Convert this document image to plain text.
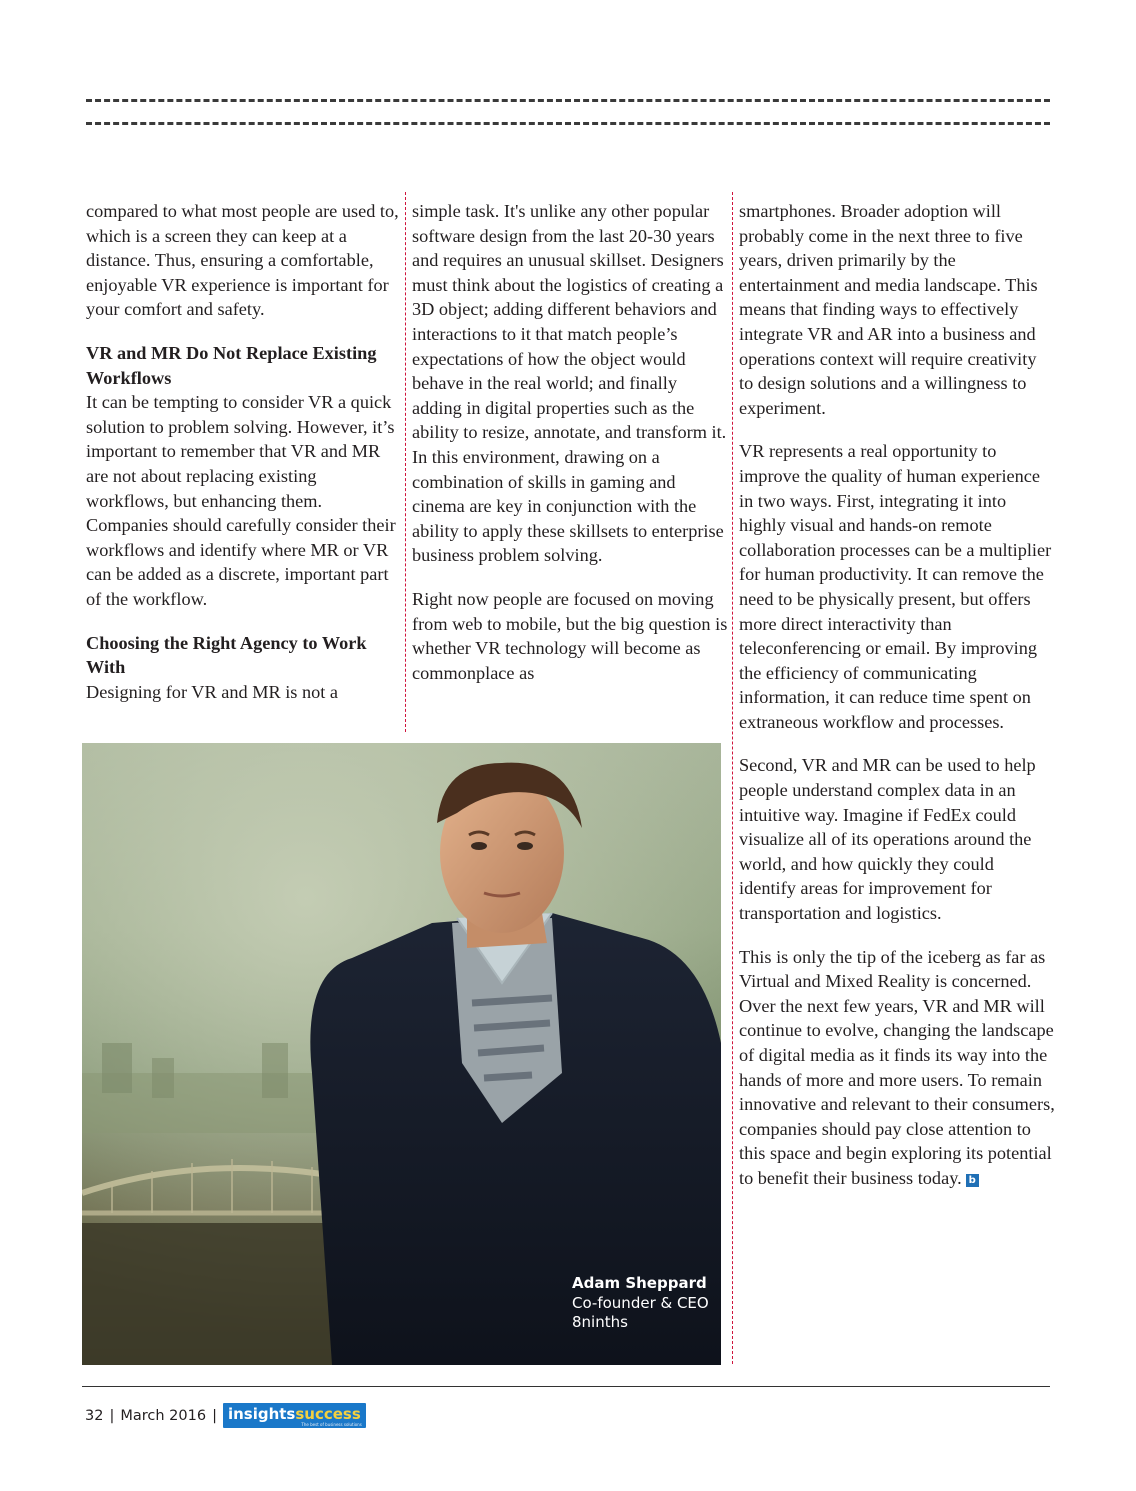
compared to what most people are used to, which is a screen they can keep at a distance. Thus, ensuring a comfortable, enjoyable VR experience is important for your comfort and safety.

VR and MR Do Not Replace Existing Workflows

It can be tempting to consider VR a quick solution to problem solving. However, it’s important to remember that VR and MR are not about replacing existing workflows, but enhancing them. Companies should carefully consider their workflows and identify where MR or VR can be added as a discrete, important part of the workflow.

Choosing the Right Agency to Work With

Designing for VR and MR is not a

simple task. It's unlike any other popular software design from the last 20-30 years and requires an unusual skillset. Designers must think about the logistics of creating a 3D object; adding different behaviors and interactions to it that match people’s expectations of how the object would behave in the real world; and finally adding in digital properties such as the ability to resize, annotate, and transform it. In this environment, drawing on a combination of skills in gaming and cinema are key in conjunction with the ability to apply these skillsets to enterprise business problem solving.

Right now people are focused on moving from web to mobile, but the big question is whether VR technology will become as commonplace as

smartphones. Broader adoption will probably come in the next three to five years, driven primarily by the entertainment and media landscape. This means that finding ways to effectively integrate VR and AR into a business and operations context will require creativity to design solutions and a willingness to experiment.

VR represents a real opportunity to improve the quality of human experience in two ways. First, integrating it into highly visual and hands-on remote collaboration processes can be a multiplier for human productivity. It can remove the need to be physically present, but offers more direct interactivity than teleconferencing or email. By improving the efficiency of communicating information, it can reduce time spent on extraneous workflow and processes.

Second, VR and MR can be used to help people understand complex data in an intuitive way. Imagine if FedEx could visualize all of its operations around the world, and how quickly they could identify areas for improvement for transportation and logistics.

This is only the tip of the iceberg as far as Virtual and Mixed Reality is concerned. Over the next few years, VR and MR will continue to evolve, changing the landscape of digital media as it finds its way into the hands of more and more users. To remain innovative and relevant to their consumers, companies should pay close attention to this space and begin exploring its potential to benefit their business today. b

Adam Sheppard
Co-founder & CEO
8ninths
32 | March 2016 | insightssuccess
The best of business solutions
